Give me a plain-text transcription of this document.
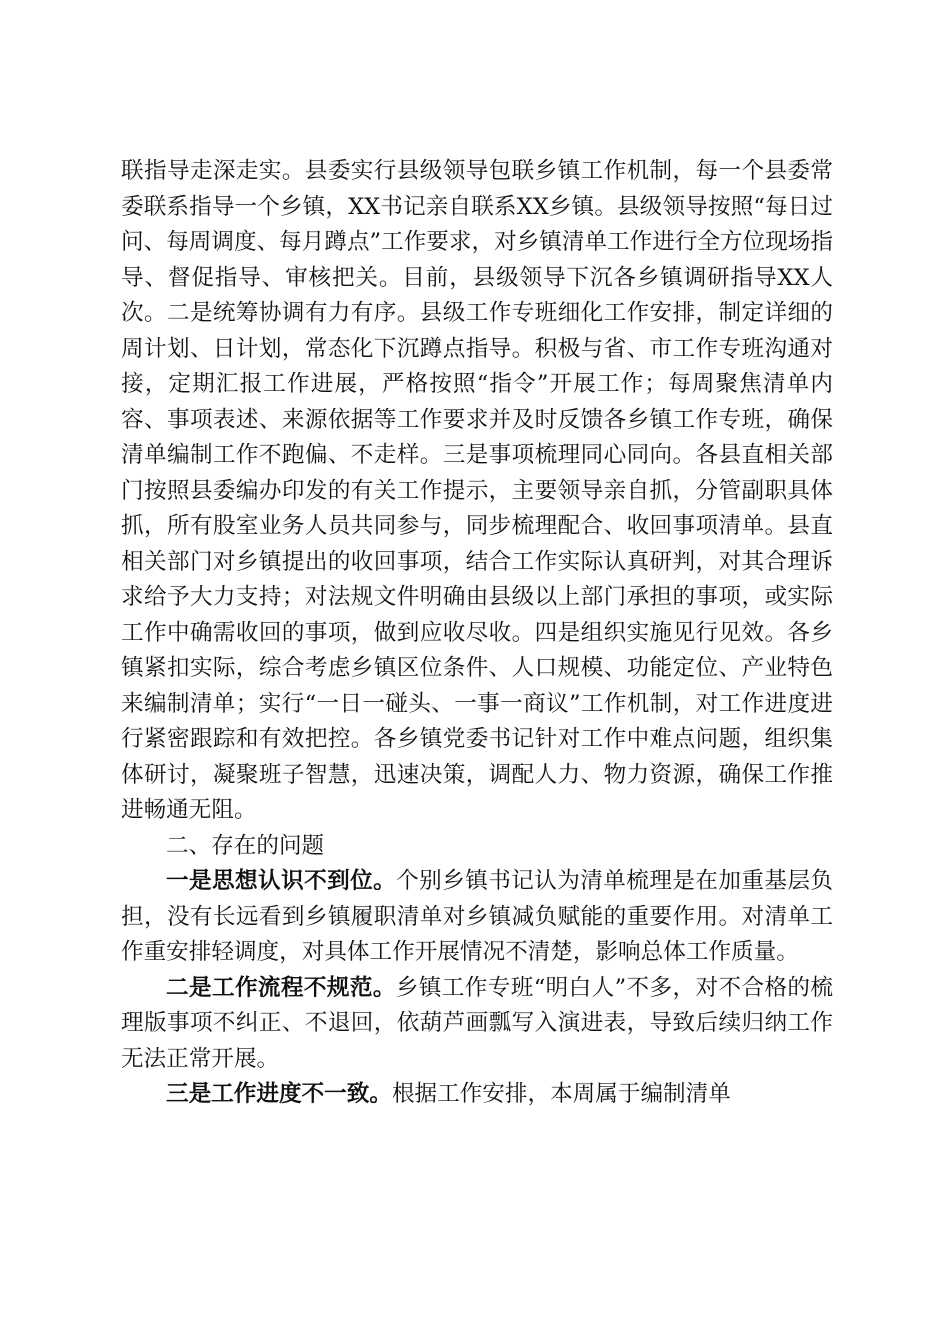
联指导走深走实。县委实行县级领导包联乡镇工作机制，每一个县委常委联系指导一个乡镇，XX书记亲自联系XX乡镇。县级领导按照“每日过问、每周调度、每月蹲点”工作要求，对乡镇清单工作进行全方位现场指导、督促指导、审核把关。目前，县级领导下沉各乡镇调研指导XX人次。二是统筹协调有力有序。县级工作专班细化工作安排，制定详细的周计划、日计划，常态化下沉蹲点指导。积极与省、市工作专班沟通对接，定期汇报工作进展，严格按照“指令”开展工作；每周聚焦清单内容、事项表述、来源依据等工作要求并及时反馈各乡镇工作专班，确保清单编制工作不跑偏、不走样。三是事项梳理同心同向。各县直相关部门按照县委编办印发的有关工作提示，主要领导亲自抓，分管副职具体抓，所有股室业务人员共同参与，同步梳理配合、收回事项清单。县直相关部门对乡镇提出的收回事项，结合工作实际认真研判，对其合理诉求给予大力支持；对法规文件明确由县级以上部门承担的事项，或实际工作中确需收回的事项，做到应收尽收。四是组织实施见行见效。各乡镇紧扣实际，综合考虑乡镇区位条件、人口规模、功能定位、产业特色来编制清单；实行“一日一碰头、一事一商议”工作机制，对工作进度进行紧密跟踪和有效把控。各乡镇党委书记针对工作中难点问题，组织集体研讨，凝聚班子智慧，迅速决策，调配人力、物力资源，确保工作推进畅通无阻。

二、存在的问题

一是思想认识不到位。个别乡镇书记认为清单梳理是在加重基层负担，没有长远看到乡镇履职清单对乡镇减负赋能的重要作用。对清单工作重安排轻调度，对具体工作开展情况不清楚，影响总体工作质量。

二是工作流程不规范。乡镇工作专班“明白人”不多，对不合格的梳理版事项不纠正、不退回，依葫芦画瓢写入演进表，导致后续归纳工作无法正常开展。

三是工作进度不一致。根据工作安排，本周属于编制清单
